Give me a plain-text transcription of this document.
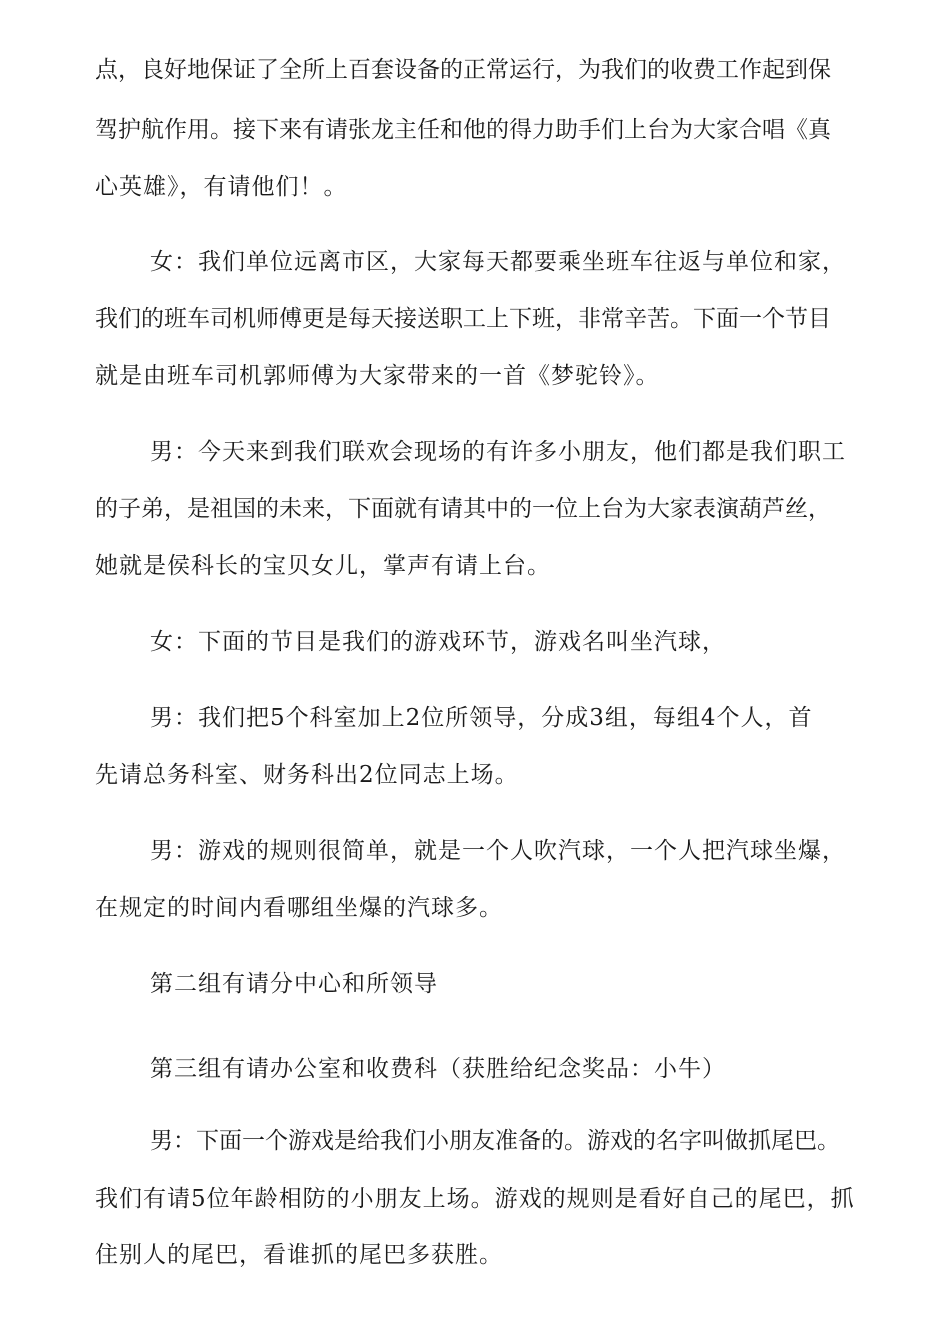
点，良好地保证了全所上百套设备的正常运行，为我们的收费工作起到保
驾护航作用。接下来有请张龙主任和他的得力助手们上台为大家合唱《真
心英雄》，有请他们！。
女：我们单位远离市区，大家每天都要乘坐班车往返与单位和家，
我们的班车司机师傅更是每天接送职工上下班，非常辛苦。下面一个节目
就是由班车司机郭师傅为大家带来的一首《梦驼铃》。
男：今天来到我们联欢会现场的有许多小朋友，他们都是我们职工
的子弟，是祖国的未来，下面就有请其中的一位上台为大家表演葫芦丝，
她就是侯科长的宝贝女儿，掌声有请上台。
女：下面的节目是我们的游戏环节，游戏名叫坐汽球，
男：我们把5个科室加上2位所领导，分成3组，每组4个人，首
先请总务科室、财务科出2位同志上场。
男：游戏的规则很简单，就是一个人吹汽球，一个人把汽球坐爆，
在规定的时间内看哪组坐爆的汽球多。
第二组有请分中心和所领导
第三组有请办公室和收费科（获胜给纪念奖品：小牛）
男：下面一个游戏是给我们小朋友准备的。游戏的名字叫做抓尾巴。
我们有请5位年龄相防的小朋友上场。游戏的规则是看好自己的尾巴，抓
住别人的尾巴，看谁抓的尾巴多获胜。
